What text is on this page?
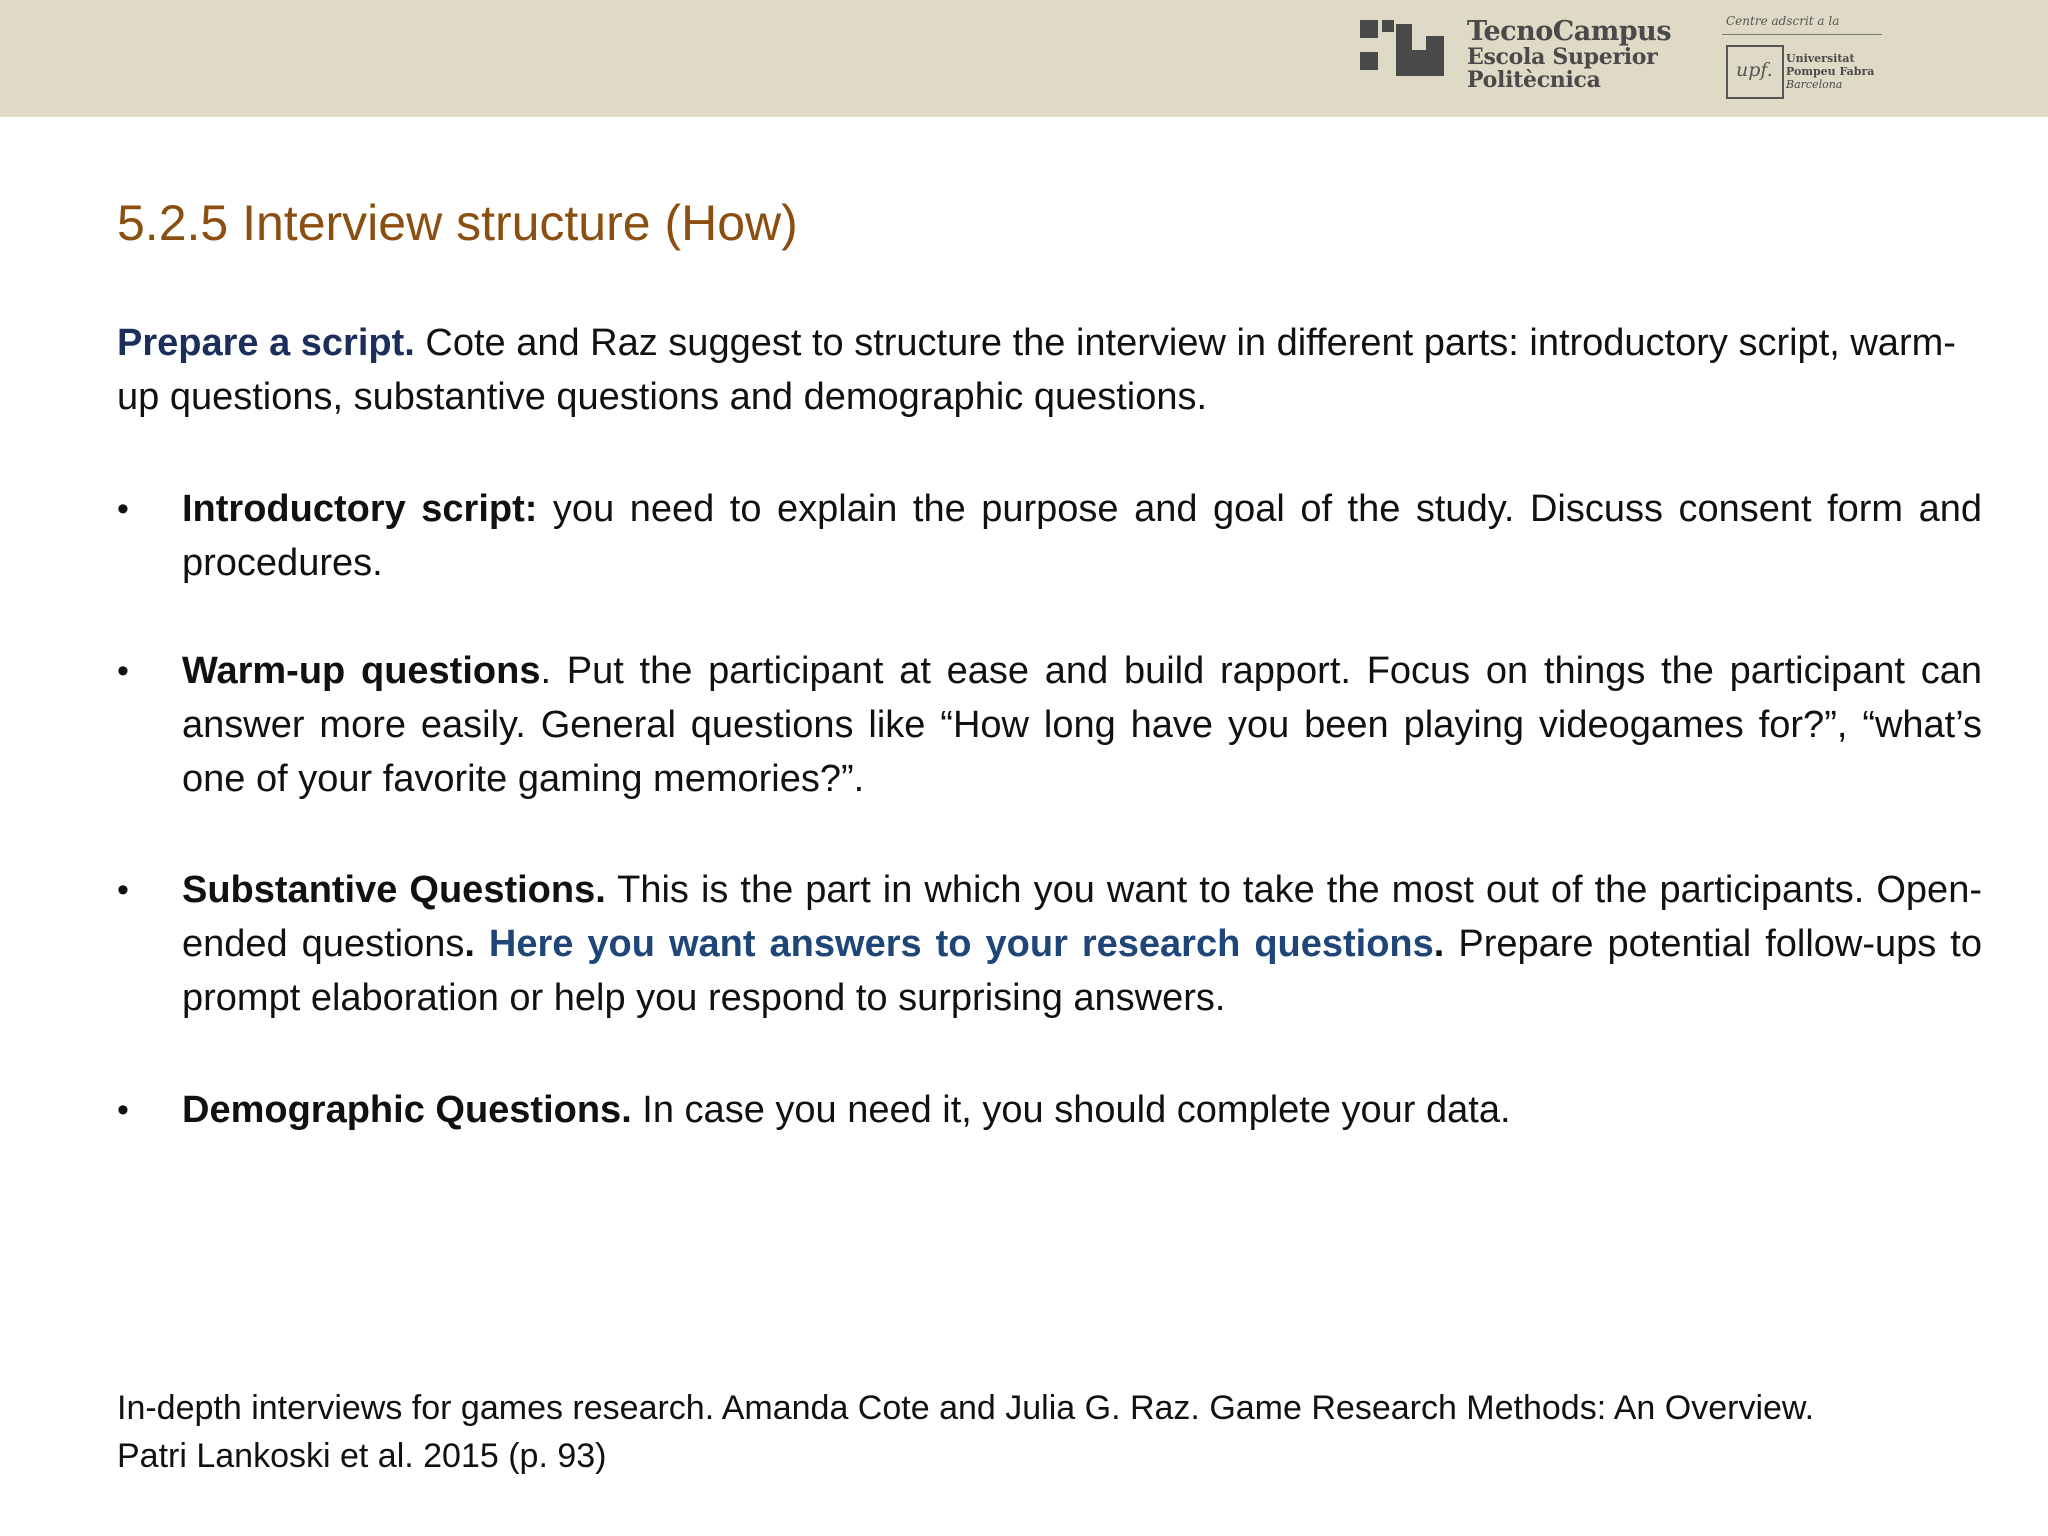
TecnoCampus
Escola Superior
Politècnica
Centre adscrit a la
upf.
Universitat
Pompeu Fabra
Barcelona
5.2.5 Interview structure (How)

Prepare a script. Cote and Raz suggest to structure the interview in different parts: introductory script, warm-up questions, substantive questions and demographic questions.

• Introductory script: you need to explain the purpose and goal of the study. Discuss consent form and procedures.

• Warm-up questions. Put the participant at ease and build rapport. Focus on things the participant can answer more easily. General questions like “How long have you been playing videogames for?”, “what’s one of your favorite gaming memories?”.

• Substantive Questions. This is the part in which you want to take the most out of the participants. Open-ended questions. Here you want answers to your research questions. Prepare potential follow-ups to prompt elaboration or help you respond to surprising answers.

• Demographic Questions. In case you need it, you should complete your data.

In-depth interviews for games research. Amanda Cote and Julia G. Raz. Game Research Methods: An Overview.
Patri Lankoski et al. 2015 (p. 93)
